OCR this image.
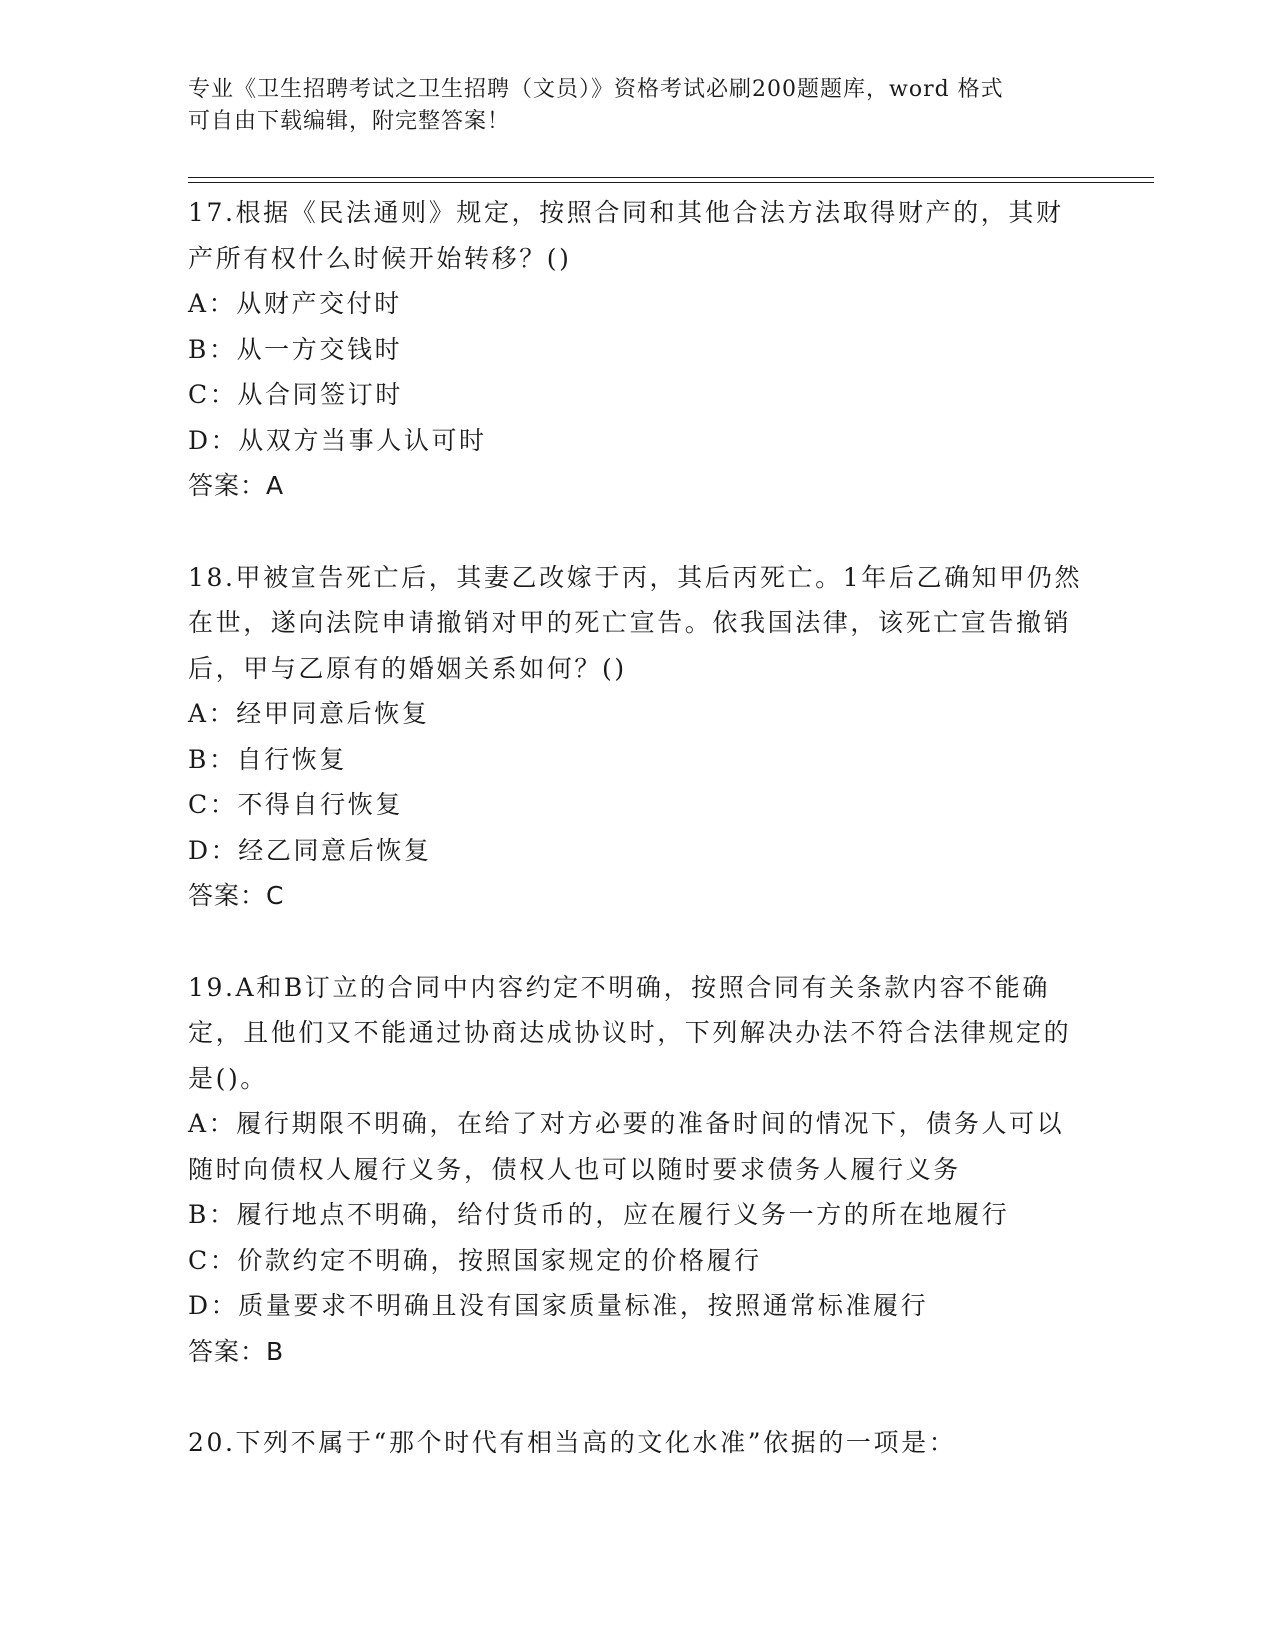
专业《卫生招聘考试之卫生招聘（文员）》资格考试必刷200题题库，word 格式
可自由下载编辑，附完整答案！

17.根据《民法通则》规定，按照合同和其他合法方法取得财产的，其财产所有权什么时候开始转移？()

A：从财产交付时

B：从一方交钱时

C：从合同签订时

D：从双方当事人认可时

答案：A

18.甲被宣告死亡后，其妻乙改嫁于丙，其后丙死亡。1年后乙确知甲仍然在世，遂向法院申请撤销对甲的死亡宣告。依我国法律，该死亡宣告撤销后，甲与乙原有的婚姻关系如何？()

A：经甲同意后恢复

B：自行恢复

C：不得自行恢复

D：经乙同意后恢复

答案：C

19.A和B订立的合同中内容约定不明确，按照合同有关条款内容不能确定，且他们又不能通过协商达成协议时，下列解决办法不符合法律规定的是()。

A：履行期限不明确，在给了对方必要的准备时间的情况下，债务人可以随时向债权人履行义务，债权人也可以随时要求债务人履行义务

B：履行地点不明确，给付货币的，应在履行义务一方的所在地履行

C：价款约定不明确，按照国家规定的价格履行

D：质量要求不明确且没有国家质量标准，按照通常标准履行

答案：B

20.下列不属于“那个时代有相当高的文化水准”依据的一项是：
